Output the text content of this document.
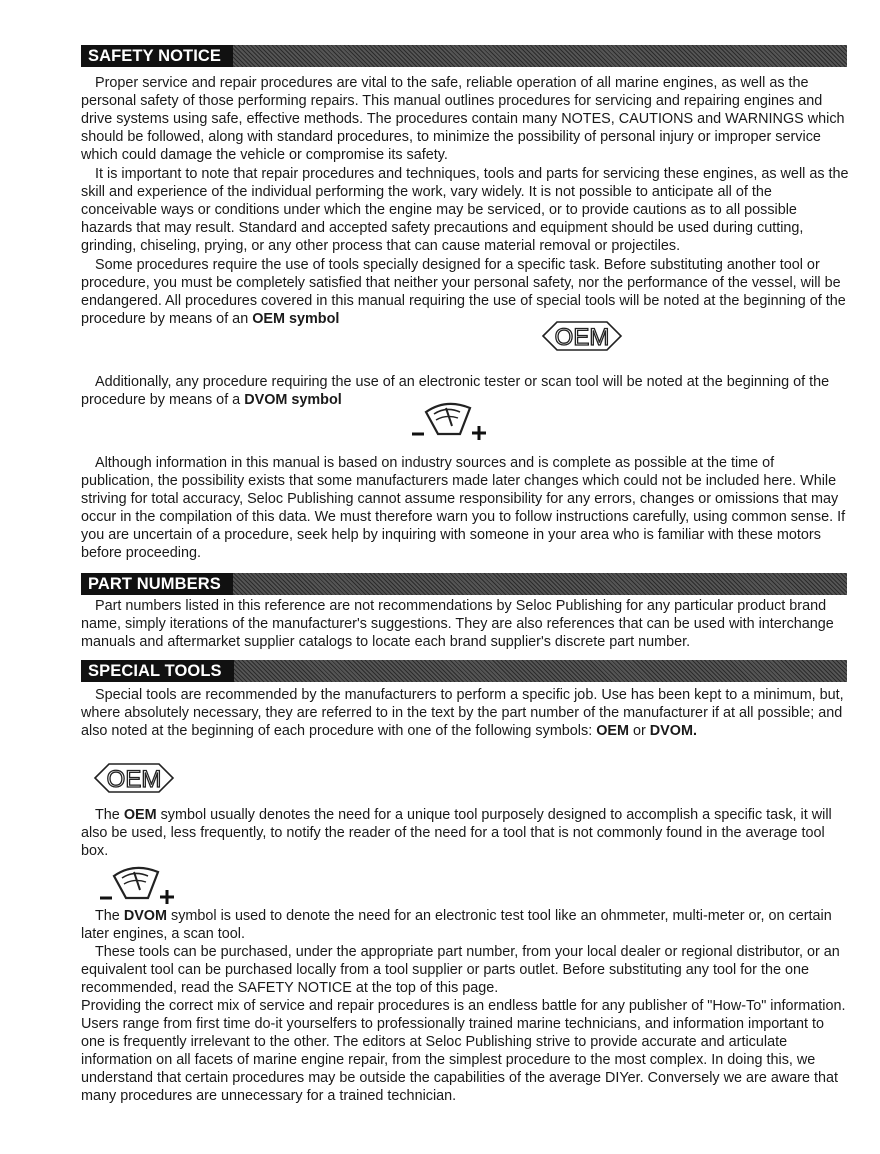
SAFETY NOTICE

Proper service and repair procedures are vital to the safe, reliable operation of all marine engines, as well as the personal safety of those performing repairs. This manual outlines procedures for servicing and repairing engines and drive systems using safe, effective methods. The procedures contain many NOTES, CAUTIONS and WARNINGS which should be followed, along with standard procedures, to minimize the possibility of personal injury or improper service which could damage the vehicle or compromise its safety.

It is important to note that repair procedures and techniques, tools and parts for servicing these engines, as well as the skill and experience of the individual performing the work, vary widely. It is not possible to anticipate all of the conceivable ways or conditions under which the engine may be serviced, or to provide cautions as to all possible hazards that may result. Standard and accepted safety precautions and equipment should be used during cutting, grinding, chiseling, prying, or any other process that can cause material removal or projectiles.

Some procedures require the use of tools specially designed for a specific task. Before substituting another tool or procedure, you must be completely satisfied that neither your personal safety, nor the performance of the vessel, will be endangered. All procedures covered in this manual requiring the use of special tools will be noted at the beginning of the procedure by means of an OEM symbol

OEM

Additionally, any procedure requiring the use of an electronic tester or scan tool will be noted at the beginning of the procedure by means of a DVOM symbol

Although information in this manual is based on industry sources and is complete as possible at the time of publication, the possibility exists that some manufacturers made later changes which could not be included here. While striving for total accuracy, Seloc Publishing cannot assume responsibility for any errors, changes or omissions that may occur in the compilation of this data. We must therefore warn you to follow instructions carefully, using common sense. If you are uncertain of a procedure, seek help by inquiring with someone in your area who is familiar with these motors before proceeding.

PART NUMBERS

Part numbers listed in this reference are not recommendations by Seloc Publishing for any particular product brand name, simply iterations of the manufacturer's suggestions. They are also references that can be used with interchange manuals and aftermarket supplier catalogs to locate each brand supplier's discrete part number.

SPECIAL TOOLS

Special tools are recommended by the manufacturers to perform a specific job. Use has been kept to a minimum, but, where absolutely necessary, they are referred to in the text by the part number of the manufacturer if at all possible; and also noted at the beginning of each procedure with one of the following symbols: OEM or DVOM.

OEM

The OEM symbol usually denotes the need for a unique tool purposely designed to accomplish a specific task, it will also be used, less frequently, to notify the reader of the need for a tool that is not commonly found in the average tool box.

The DVOM symbol is used to denote the need for an electronic test tool like an ohmmeter, multi-meter or, on certain later engines, a scan tool.

These tools can be purchased, under the appropriate part number, from your local dealer or regional distributor, or an equivalent tool can be purchased locally from a tool supplier or parts outlet. Before substituting any tool for the one recommended, read the SAFETY NOTICE at the top of this page.

Providing the correct mix of service and repair procedures is an endless battle for any publisher of "How-To" information. Users range from first time do-it yourselfers to professionally trained marine technicians, and information important to one is frequently irrelevant to the other. The editors at Seloc Publishing strive to provide accurate and articulate information on all facets of marine engine repair, from the simplest procedure to the most complex. In doing this, we understand that certain procedures may be outside the capabilities of the average DIYer. Conversely we are aware that many procedures are unnecessary for a trained technician.
